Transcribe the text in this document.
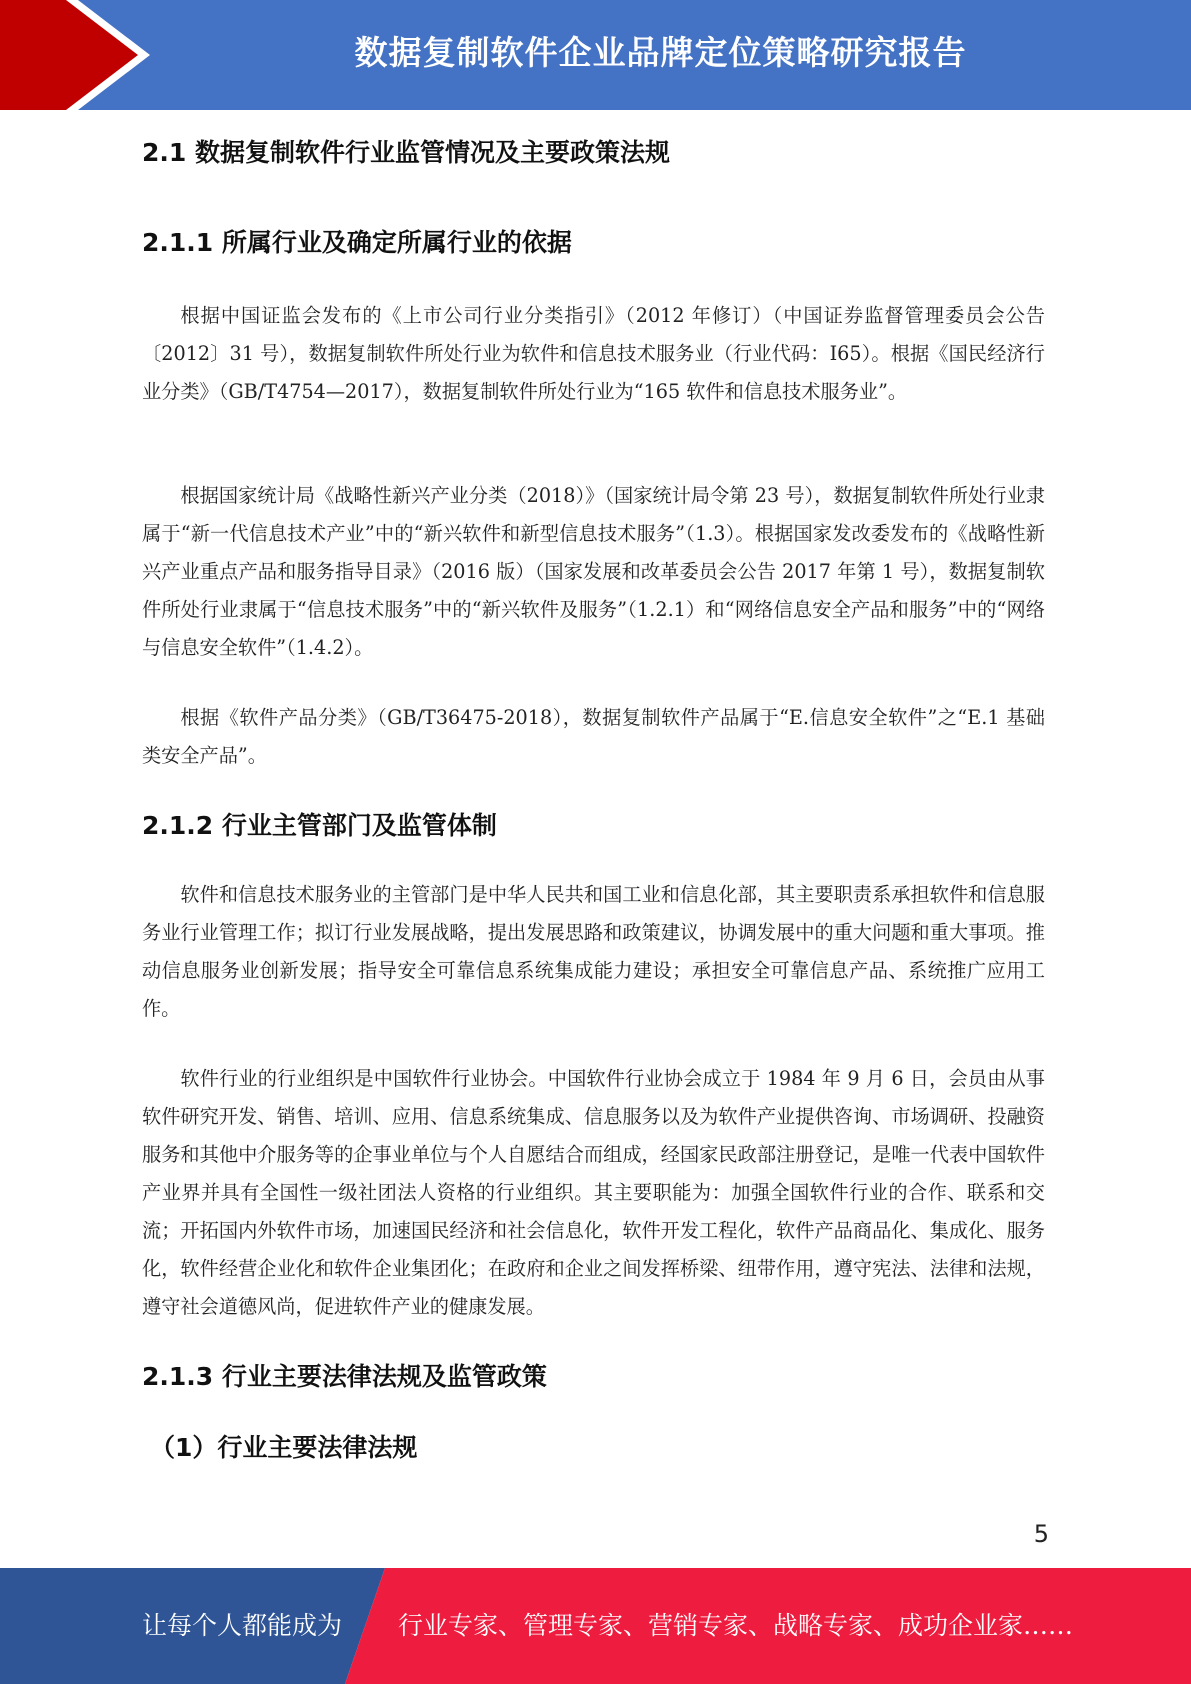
数据复制软件企业品牌定位策略研究报告
2.1 数据复制软件行业监管情况及主要政策法规
2.1.1 所属行业及确定所属行业的依据

根据中国证监会发布的《上市公司行业分类指引》（2012 年修订）（中国证券监督管理委员会公告〔2012〕31 号），数据复制软件所处行业为软件和信息技术服务业（行业代码：I65）。根据《国民经济行业分类》（GB/T4754—2017），数据复制软件所处行业为“165 软件和信息技术服务业”。

根据国家统计局《战略性新兴产业分类（2018）》（国家统计局令第 23 号），数据复制软件所处行业隶属于“新一代信息技术产业”中的“新兴软件和新型信息技术服务”（1.3）。根据国家发改委发布的《战略性新兴产业重点产品和服务指导目录》（2016 版）（国家发展和改革委员会公告 2017 年第 1 号），数据复制软件所处行业隶属于“信息技术服务”中的“新兴软件及服务”（1.2.1）和“网络信息安全产品和服务”中的“网络与信息安全软件”（1.4.2）。

根据《软件产品分类》（GB/T36475-2018），数据复制软件产品属于“E.信息安全软件”之“E.1 基础类安全产品”。

2.1.2 行业主管部门及监管体制

软件和信息技术服务业的主管部门是中华人民共和国工业和信息化部，其主要职责系承担软件和信息服务业行业管理工作；拟订行业发展战略，提出发展思路和政策建议，协调发展中的重大问题和重大事项。推动信息服务业创新发展；指导安全可靠信息系统集成能力建设；承担安全可靠信息产品、系统推广应用工作。

软件行业的行业组织是中国软件行业协会。中国软件行业协会成立于 1984 年 9 月 6 日，会员由从事软件研究开发、销售、培训、应用、信息系统集成、信息服务以及为软件产业提供咨询、市场调研、投融资服务和其他中介服务等的企事业单位与个人自愿结合而组成，经国家民政部注册登记，是唯一代表中国软件产业界并具有全国性一级社团法人资格的行业组织。其主要职能为：加强全国软件行业的合作、联系和交流；开拓国内外软件市场，加速国民经济和社会信息化，软件开发工程化，软件产品商品化、集成化、服务化，软件经营企业化和软件企业集团化；在政府和企业之间发挥桥梁、纽带作用，遵守宪法、法律和法规，遵守社会道德风尚，促进软件产业的健康发展。

2.1.3 行业主要法律法规及监管政策
（1）行业主要法律法规
5
让每个人都能成为 行业专家、管理专家、营销专家、战略专家、成功企业家……
